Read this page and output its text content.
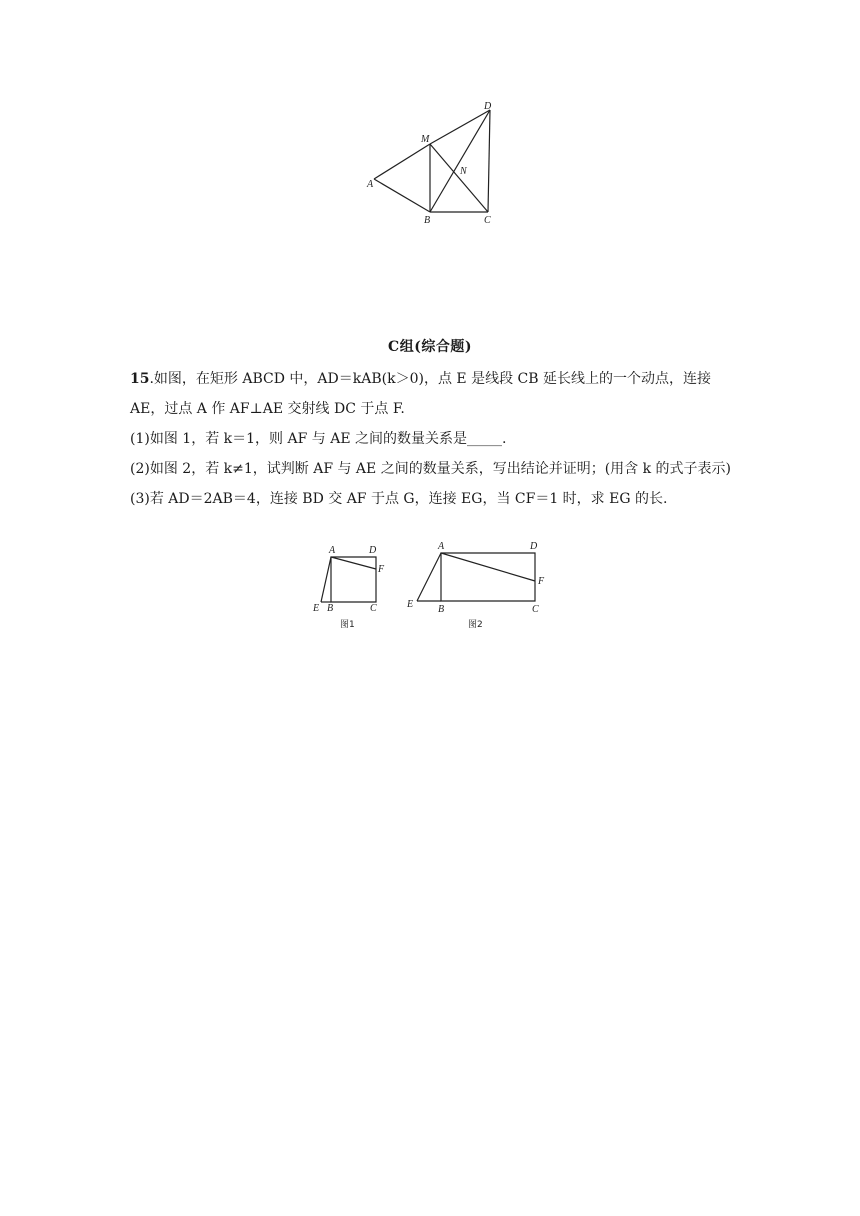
A
B	C
D
M
N
C组(综合题)

15.如图，在矩形 ABCD 中，AD＝kAB(k＞0)，点 E 是线段 CB 延长线上的一个动点，连接 AE，过点 A 作 AF⊥AE 交射线 DC 于点 F.

(1)如图 1，若 k＝1，则 AF 与 AE 之间的数量关系是_____.

(2)如图 2，若 k≠1，试判断 AF 与 AE 之间的数量关系，写出结论并证明；(用含 k 的式子表示)

(3)若 AD＝2AB＝4，连接 BD 交 AF 于点 G，连接 EG，当 CF＝1 时，求 EG 的长.

A	D
F
E B	C
图1
A	D
F
E B	C
图2
